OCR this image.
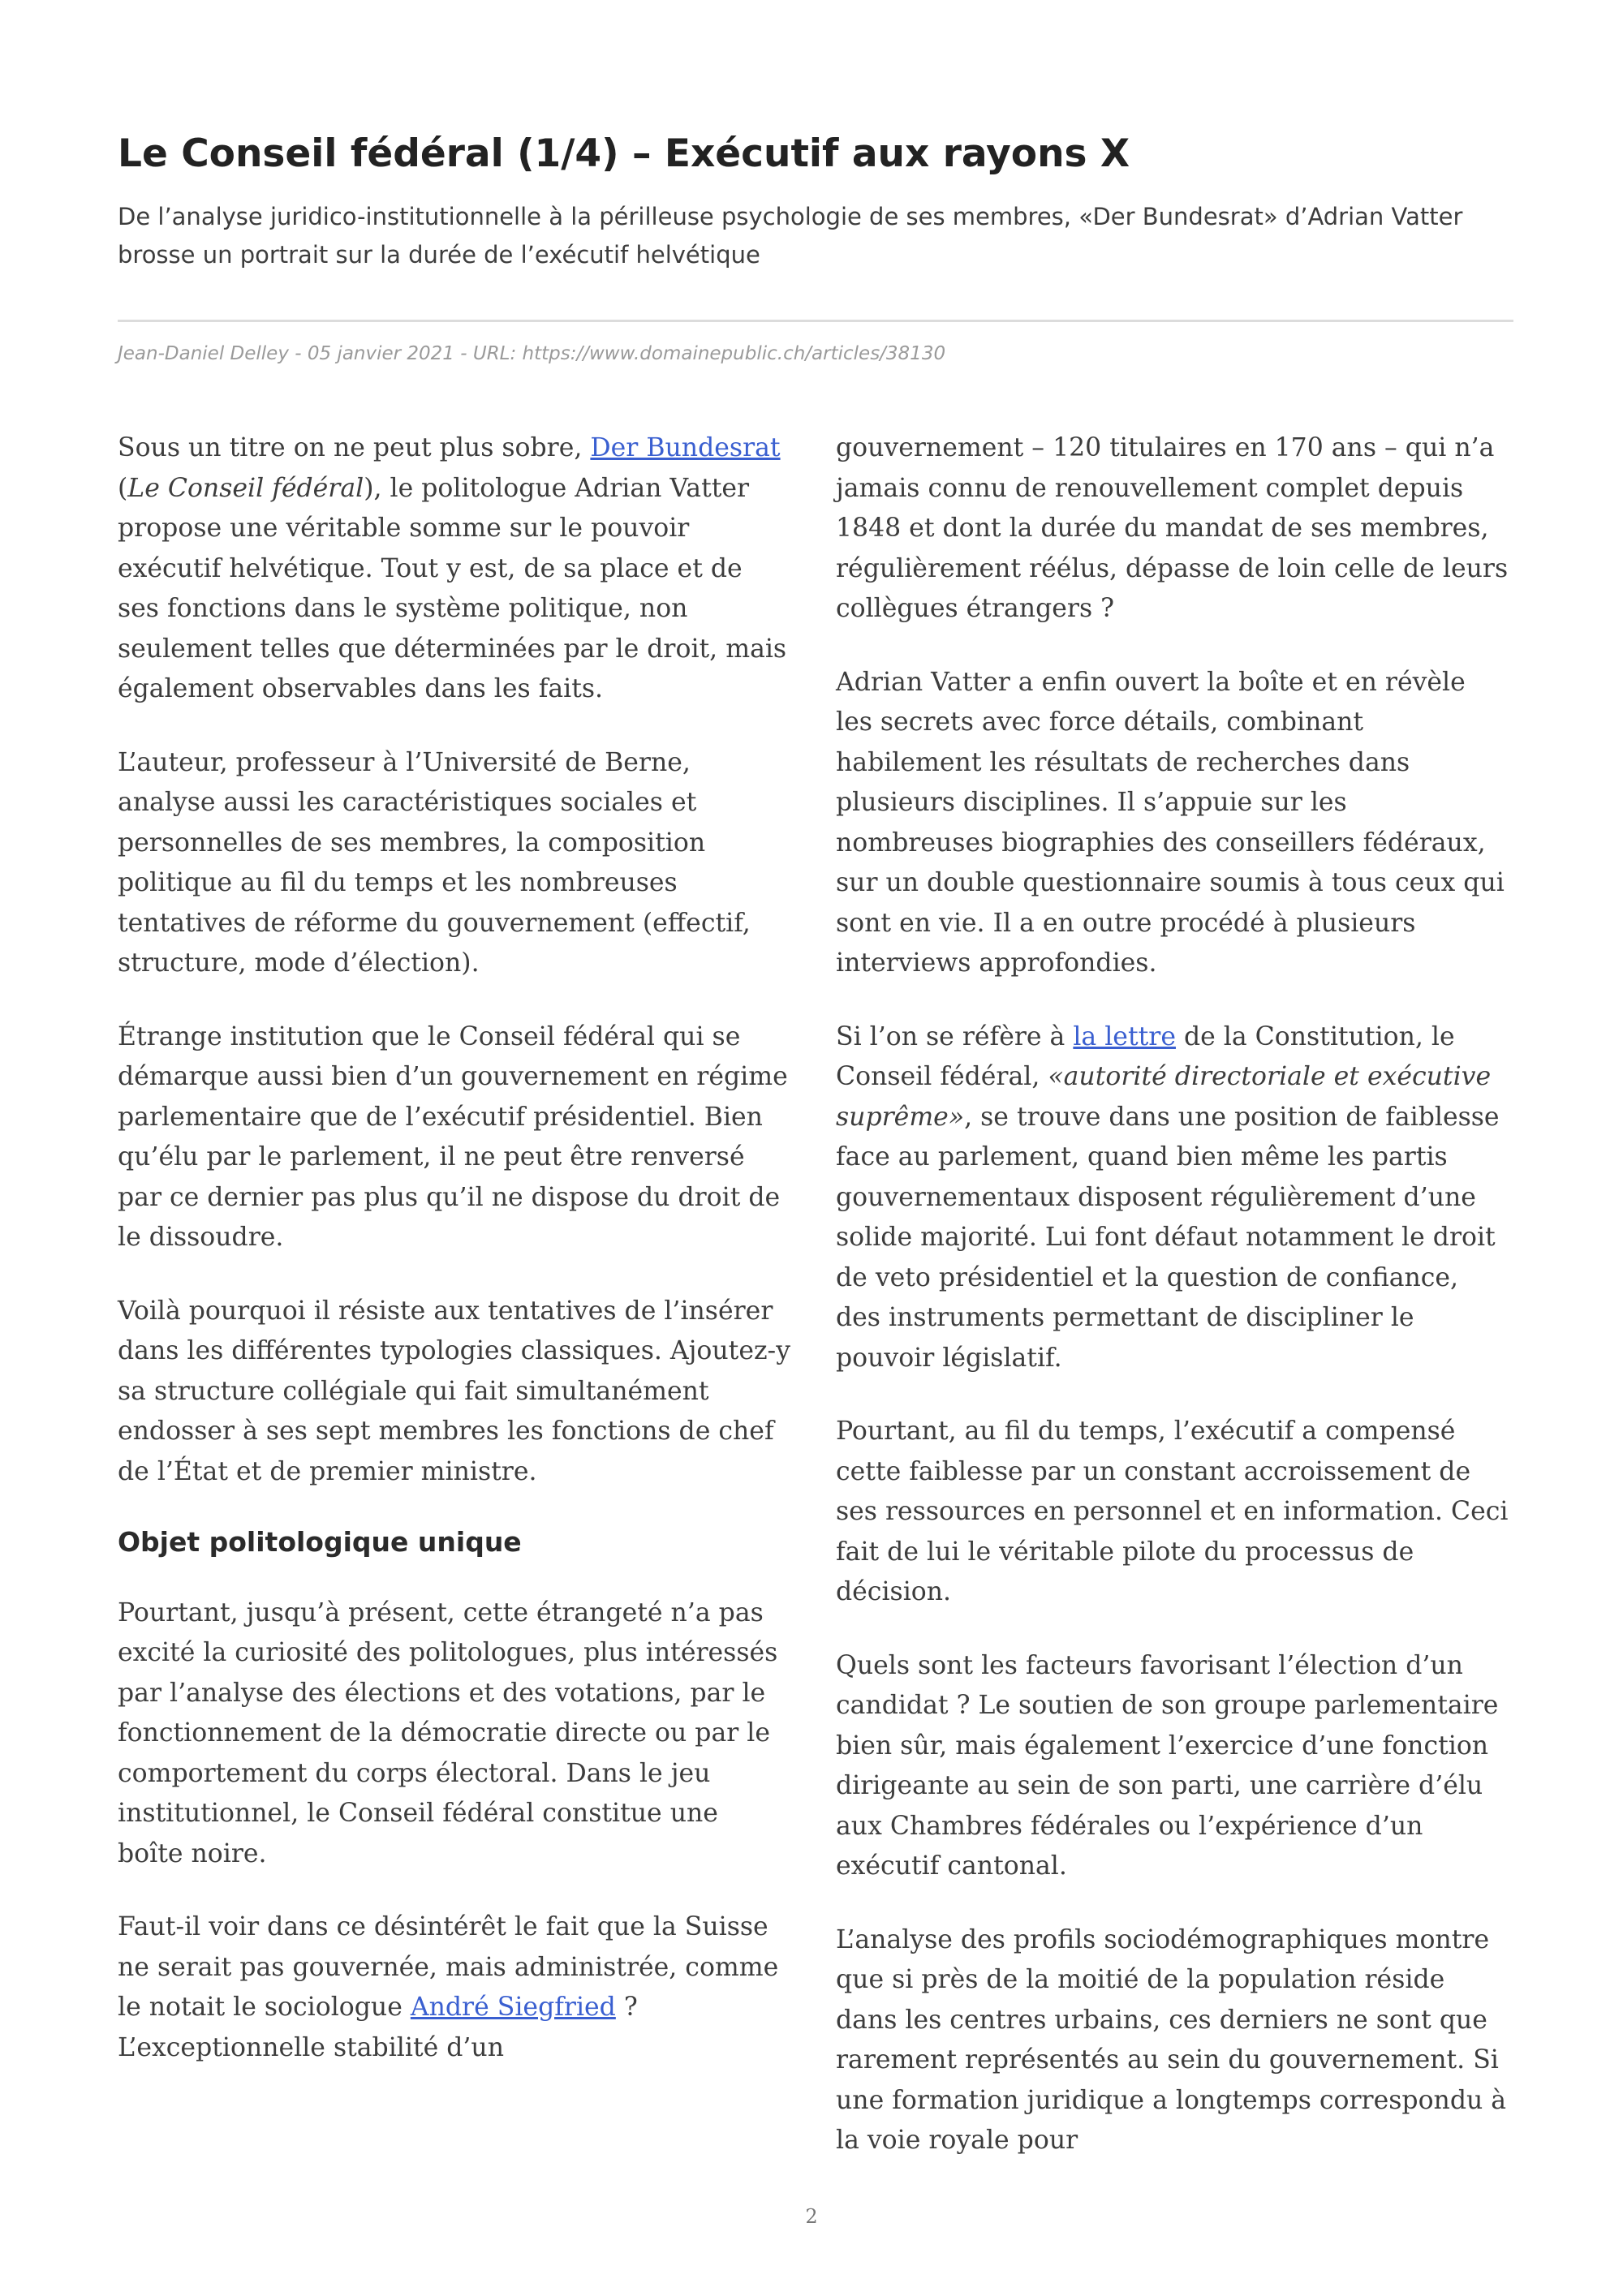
Le Conseil fédéral (1/4) – Exécutif aux rayons X

De l’analyse juridico-institutionnelle à la périlleuse psychologie de ses membres, «Der Bundesrat» d’Adrian Vatter brosse un portrait sur la durée de l’exécutif helvétique

Jean-Daniel Delley - 05 janvier 2021 - URL: https://www.domainepublic.ch/articles/38130

Sous un titre on ne peut plus sobre, Der Bundesrat (Le Conseil fédéral), le politologue Adrian Vatter propose une véritable somme sur le pouvoir exécutif helvétique. Tout y est, de sa place et de ses fonctions dans le système politique, non seulement telles que déterminées par le droit, mais également observables dans les faits.

L’auteur, professeur à l’Université de Berne, analyse aussi les caractéristiques sociales et personnelles de ses membres, la composition politique au fil du temps et les nombreuses tentatives de réforme du gouvernement (effectif, structure, mode d’élection).

Étrange institution que le Conseil fédéral qui se démarque aussi bien d’un gouvernement en régime parlementaire que de l’exécutif présidentiel. Bien qu’élu par le parlement, il ne peut être renversé par ce dernier pas plus qu’il ne dispose du droit de le dissoudre.

Voilà pourquoi il résiste aux tentatives de l’insérer dans les différentes typologies classiques. Ajoutez-y sa structure collégiale qui fait simultanément endosser à ses sept membres les fonctions de chef de l’État et de premier ministre.

Objet politologique unique

Pourtant, jusqu’à présent, cette étrangeté n’a pas excité la curiosité des politologues, plus intéressés par l’analyse des élections et des votations, par le fonctionnement de la démocratie directe ou par le comportement du corps électoral. Dans le jeu institutionnel, le Conseil fédéral constitue une boîte noire.

Faut-il voir dans ce désintérêt le fait que la Suisse ne serait pas gouvernée, mais administrée, comme le notait le sociologue André Siegfried ? L’exceptionnelle stabilité d’un

gouvernement – 120 titulaires en 170 ans – qui n’a jamais connu de renouvellement complet depuis 1848 et dont la durée du mandat de ses membres, régulièrement réélus, dépasse de loin celle de leurs collègues étrangers ?

Adrian Vatter a enfin ouvert la boîte et en révèle les secrets avec force détails, combinant habilement les résultats de recherches dans plusieurs disciplines. Il s’appuie sur les nombreuses biographies des conseillers fédéraux, sur un double questionnaire soumis à tous ceux qui sont en vie. Il a en outre procédé à plusieurs interviews approfondies.

Si l’on se réfère à la lettre de la Constitution, le Conseil fédéral, «autorité directoriale et exécutive suprême», se trouve dans une position de faiblesse face au parlement, quand bien même les partis gouvernementaux disposent régulièrement d’une solide majorité. Lui font défaut notamment le droit de veto présidentiel et la question de confiance, des instruments permettant de discipliner le pouvoir législatif.

Pourtant, au fil du temps, l’exécutif a compensé cette faiblesse par un constant accroissement de ses ressources en personnel et en information. Ceci fait de lui le véritable pilote du processus de décision.

Quels sont les facteurs favorisant l’élection d’un candidat ? Le soutien de son groupe parlementaire bien sûr, mais également l’exercice d’une fonction dirigeante au sein de son parti, une carrière d’élu aux Chambres fédérales ou l’expérience d’un exécutif cantonal.

L’analyse des profils sociodémographiques montre que si près de la moitié de la population réside dans les centres urbains, ces derniers ne sont que rarement représentés au sein du gouvernement. Si une formation juridique a longtemps correspondu à la voie royale pour

2
